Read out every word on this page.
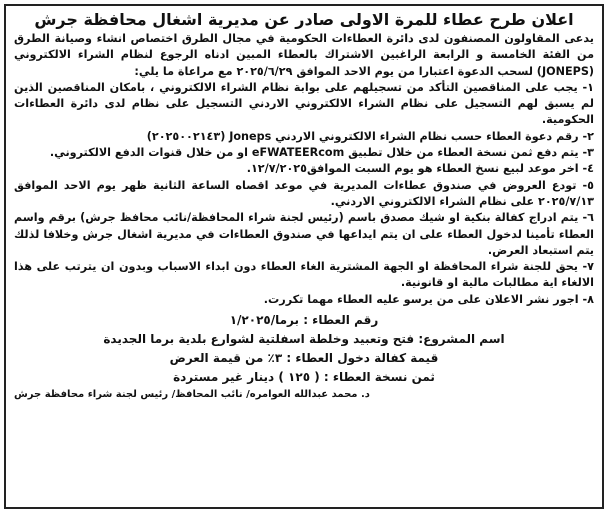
اعلان طرح عطاء للمرة الاولى صادر عن مديرية اشغال محافظة جرش

يدعى المقاولون المصنفون لدى دائرة العطاءات الحكومية في مجال الطرق اختصاص انشاء وصيانة الطرق من الفئة الخامسة و الرابعة الراغبين الاشتراك بالعطاء المبين ادناه الرجوع لنظام الشراء الالكتروني (JONEPS) لسحب الدعوة اعتبارا من يوم الاحد الموافق ٢٠٢٥/٦/٢٩ مع مراعاة ما يلي:

١- يجب على المناقصين التأكد من تسجيلهم على بوابة نظام الشراء الالكتروني ، بامكان المناقصين الذين لم يسبق لهم التسجيل على نظام الشراء الالكتروني الاردني التسجيل على نظام لدى دائرة العطاءات الحكومية.

٢- رقم دعوة العطاء حسب نظام الشراء الالكتروني الاردني Joneps (٢٠٢٥٠٠٢١٤٣)

٣- يتم دفع ثمن نسخة العطاء من خلال تطبيق eFWATEERcom او من خلال قنوات الدفع الالكتروني.

٤- اخر موعد لبيع نسخ العطاء هو يوم السبت الموافق١٢/٧/٢٠٢٥.

٥- تودع العروض في صندوق عطاءات المديرية في موعد اقصاه الساعة الثانية ظهر يوم الاحد الموافق ٢٠٢٥/٧/١٣ على نظام الشراء الالكتروني الاردني.

٦- يتم ادراج كفالة بنكية او شيك مصدق باسم (رئيس لجنة شراء المحافظة/نائب محافظ جرش) برقم واسم العطاء تأمينا لدخول العطاء على ان يتم ايداعها في صندوق العطاءات في مديرية اشغال جرش وخلافا لذلك يتم استبعاد العرض.

٧- يحق للجنة شراء المحافظة او الجهة المشترية الغاء العطاء دون ابداء الاسباب وبدون ان يترتب على هذا الالغاء اية مطالبات مالية او قانونية.

٨- اجور نشر الاعلان على من يرسو عليه العطاء مهما تكررت.

رقم العطاء : برما/١/٢٠٢٥
اسم المشروع: فتح وتعبيد وخلطة اسفلتية لشوارع بلدية برما الجديدة
قيمة كفالة دخول العطاء : ٣٪ من قيمة العرض
ثمن نسخة العطاء : ( ١٢٥ ) دينار غير مستردة
د. محمد عبدالله العوامره/ نائب المحافظ/ رئيس لجنة شراء محافظة جرش
